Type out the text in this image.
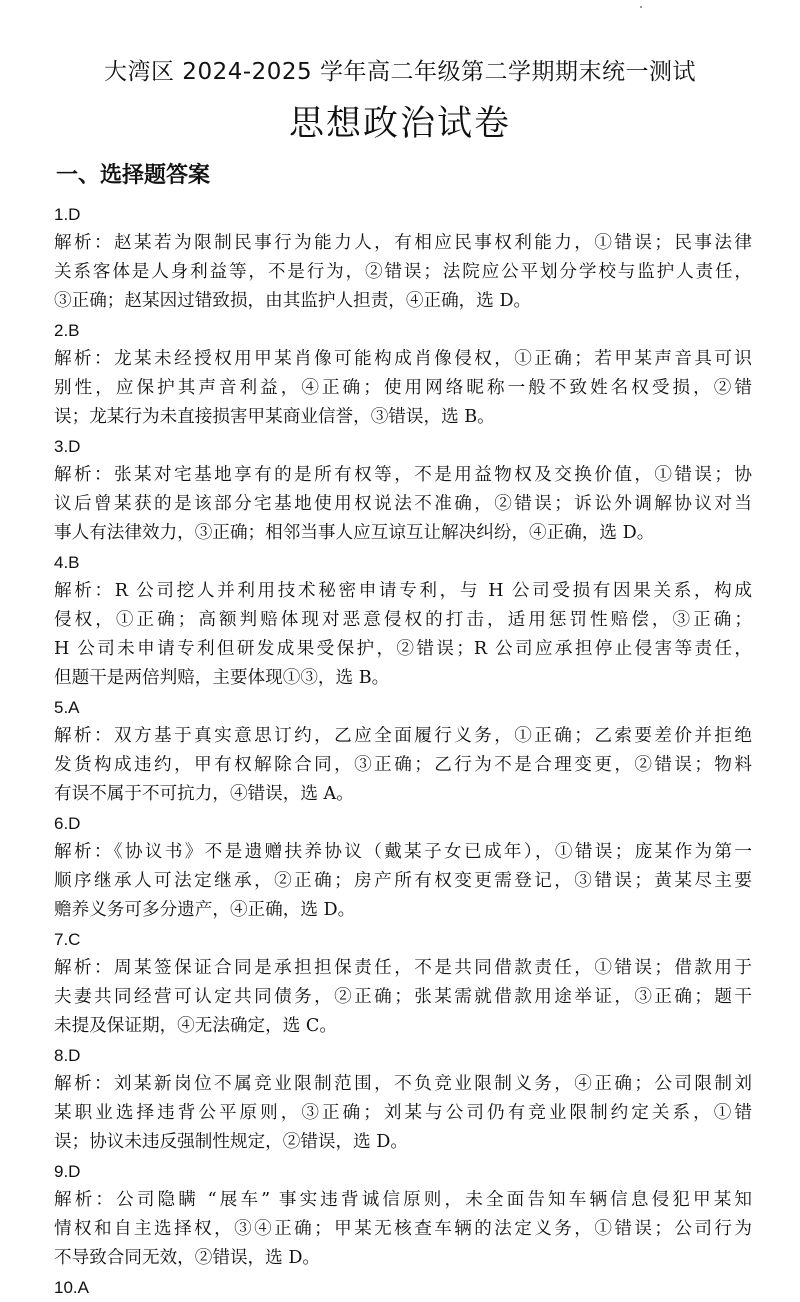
大湾区 2024-2025 学年高二年级第二学期期末统一测试
思想政治试卷
一、选择题答案
1.D
解析：赵某若为限制民事行为能力人，有相应民事权利能力，①错误；民事法律
关系客体是人身利益等，不是行为，②错误；法院应公平划分学校与监护人责任，
③正确；赵某因过错致损，由其监护人担责，④正确，选 D。
2.B
解析：龙某未经授权用甲某肖像可能构成肖像侵权，①正确；若甲某声音具可识
别性，应保护其声音利益，④正确；使用网络昵称一般不致姓名权受损，②错
误；龙某行为未直接损害甲某商业信誉，③错误，选 B。
3.D
解析：张某对宅基地享有的是所有权等，不是用益物权及交换价值，①错误；协
议后曾某获的是该部分宅基地使用权说法不准确，②错误；诉讼外调解协议对当
事人有法律效力，③正确；相邻当事人应互谅互让解决纠纷，④正确，选 D。
4.B
解析：R 公司挖人并利用技术秘密申请专利，与 H 公司受损有因果关系，构成
侵权，①正确；高额判赔体现对恶意侵权的打击，适用惩罚性赔偿，③正确；
H 公司未申请专利但研发成果受保护，②错误；R 公司应承担停止侵害等责任，
但题干是两倍判赔，主要体现①③，选 B。
5.A
解析：双方基于真实意思订约，乙应全面履行义务，①正确；乙索要差价并拒绝
发货构成违约，甲有权解除合同，③正确；乙行为不是合理变更，②错误；物料
有误不属于不可抗力，④错误，选 A。
6.D
解析：《协议书》不是遗赠扶养协议（戴某子女已成年），①错误；庞某作为第一
顺序继承人可法定继承，②正确；房产所有权变更需登记，③错误；黄某尽主要
赡养义务可多分遗产，④正确，选 D。
7.C
解析：周某签保证合同是承担担保责任，不是共同借款责任，①错误；借款用于
夫妻共同经营可认定共同债务，②正确；张某需就借款用途举证，③正确；题干
未提及保证期，④无法确定，选 C。
8.D
解析：刘某新岗位不属竞业限制范围，不负竞业限制义务，④正确；公司限制刘
某职业选择违背公平原则，③正确；刘某与公司仍有竞业限制约定关系，①错
误；协议未违反强制性规定，②错误，选 D。
9.D
解析：公司隐瞒 “展车” 事实违背诚信原则，未全面告知车辆信息侵犯甲某知
情权和自主选择权，③④正确；甲某无核查车辆的法定义务，①错误；公司行为
不导致合同无效，②错误，选 D。
10.A
